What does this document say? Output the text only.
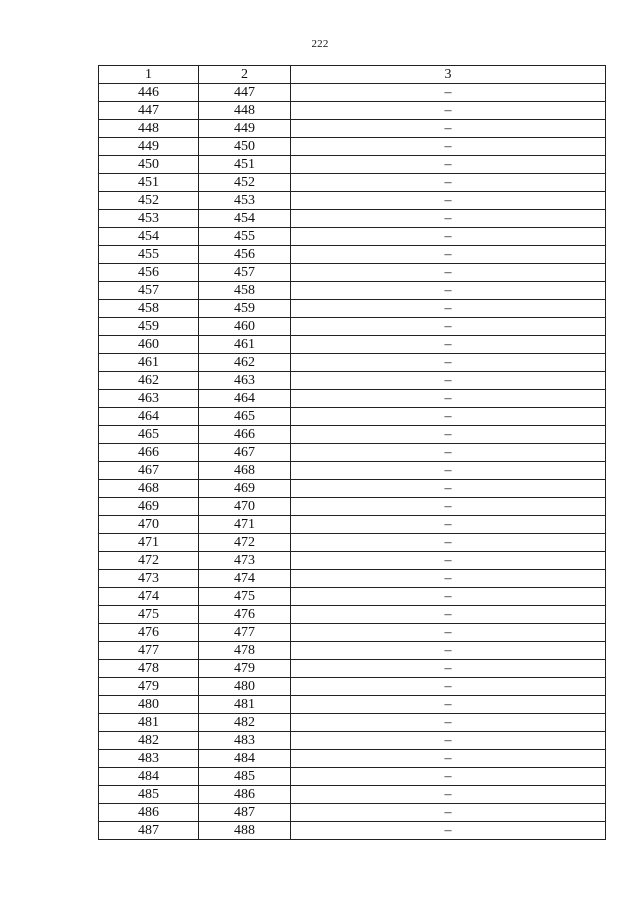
222
1	2	3
446	447	–
447	448	–
448	449	–
449	450	–
450	451	–
451	452	–
452	453	–
453	454	–
454	455	–
455	456	–
456	457	–
457	458	–
458	459	–
459	460	–
460	461	–
461	462	–
462	463	–
463	464	–
464	465	–
465	466	–
466	467	–
467	468	–
468	469	–
469	470	–
470	471	–
471	472	–
472	473	–
473	474	–
474	475	–
475	476	–
476	477	–
477	478	–
478	479	–
479	480	–
480	481	–
481	482	–
482	483	–
483	484	–
484	485	–
485	486	–
486	487	–
487	488	–
